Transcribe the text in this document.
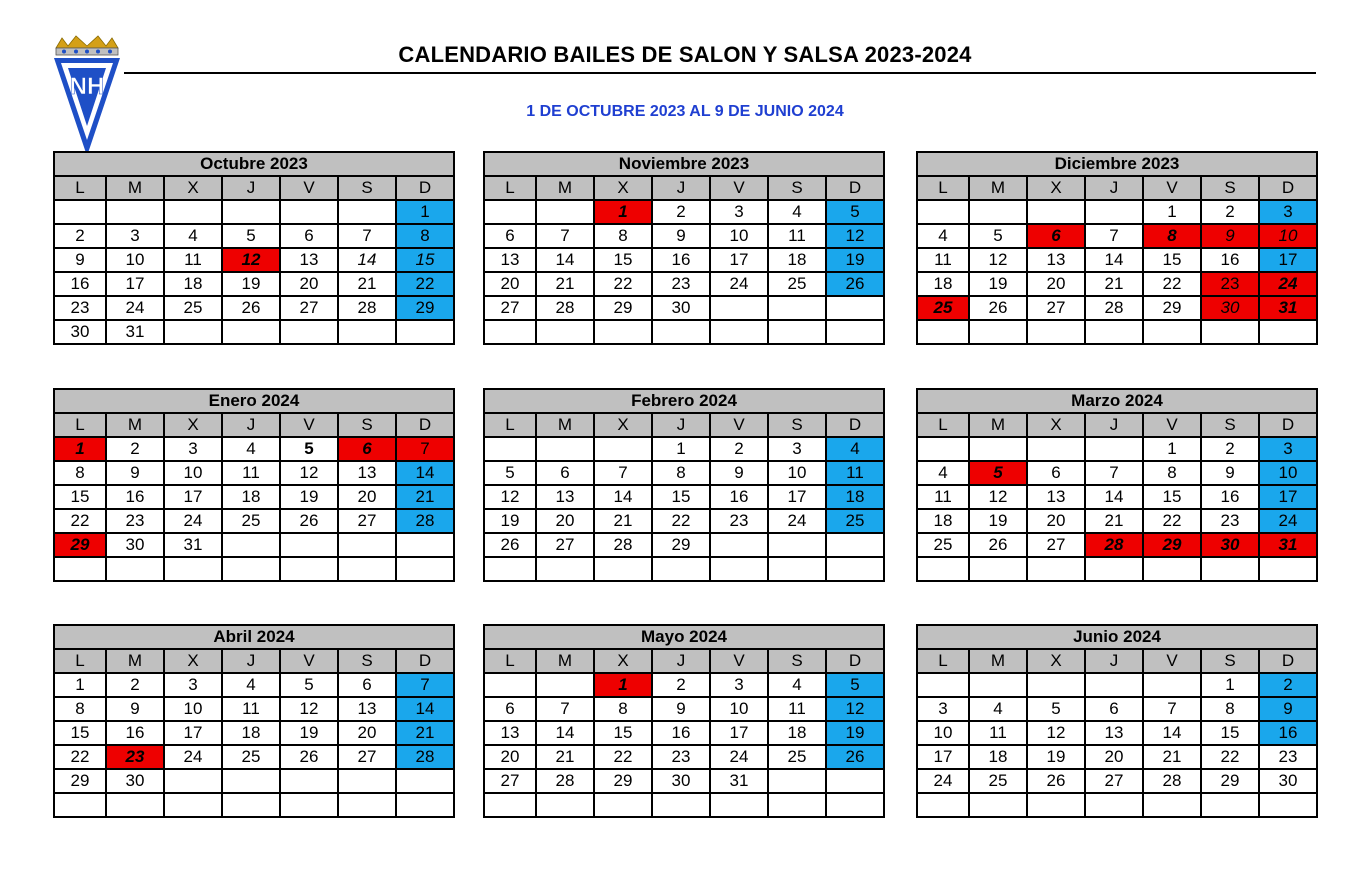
NH
CALENDARIO BAILES DE SALON Y SALSA 2023-2024
1 DE OCTUBRE 2023 AL 9 DE JUNIO 2024
Octubre 2023						
L	M	X	J	V	S	D
						1
2	3	4	5	6	7	8
9	10	11	12	13	14	15
16	17	18	19	20	21	22
23	24	25	26	27	28	29
30	31					
Noviembre 2023						
L	M	X	J	V	S	D
		1	2	3	4	5
6	7	8	9	10	11	12
13	14	15	16	17	18	19
20	21	22	23	24	25	26
27	28	29	30			

Diciembre 2023						
L	M	X	J	V	S	D
				1	2	3
4	5	6	7	8	9	10
11	12	13	14	15	16	17
18	19	20	21	22	23	24
25	26	27	28	29	30	31

Enero 2024						
L	M	X	J	V	S	D
1	2	3	4	5	6	7
8	9	10	11	12	13	14
15	16	17	18	19	20	21
22	23	24	25	26	27	28
29	30	31				

Febrero 2024						
L	M	X	J	V	S	D
			1	2	3	4
5	6	7	8	9	10	11
12	13	14	15	16	17	18
19	20	21	22	23	24	25
26	27	28	29			

Marzo 2024						
L	M	X	J	V	S	D
				1	2	3
4	5	6	7	8	9	10
11	12	13	14	15	16	17
18	19	20	21	22	23	24
25	26	27	28	29	30	31

Abril 2024						
L	M	X	J	V	S	D
1	2	3	4	5	6	7
8	9	10	11	12	13	14
15	16	17	18	19	20	21
22	23	24	25	26	27	28
29	30					

Mayo 2024						
L	M	X	J	V	S	D
		1	2	3	4	5
6	7	8	9	10	11	12
13	14	15	16	17	18	19
20	21	22	23	24	25	26
27	28	29	30	31		

Junio 2024						
L	M	X	J	V	S	D
					1	2
3	4	5	6	7	8	9
10	11	12	13	14	15	16
17	18	19	20	21	22	23
24	25	26	27	28	29	30
